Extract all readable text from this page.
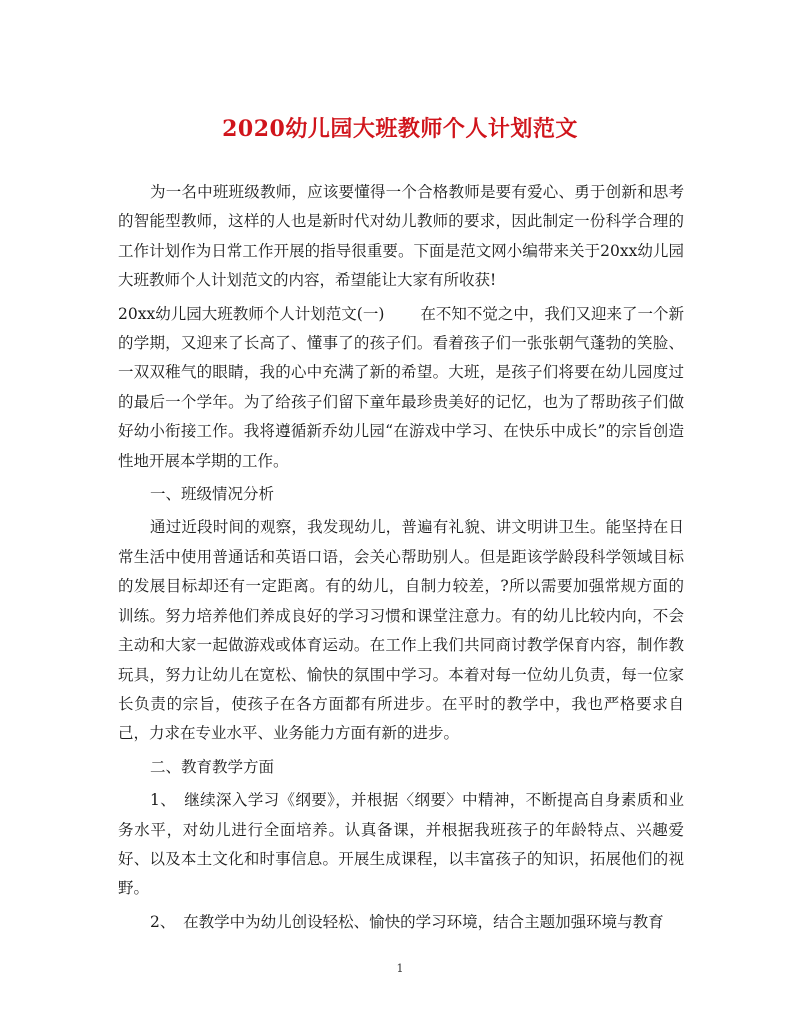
2020幼儿园大班教师个人计划范文

为一名中班班级教师，应该要懂得一个合格教师是要有爱心、勇于创新和思考的智能型教师，这样的人也是新时代对幼儿教师的要求，因此制定一份科学合理的工作计划作为日常工作开展的指导很重要。下面是范文网小编带来关于20xx幼儿园大班教师个人计划范文的内容，希望能让大家有所收获!

20xx幼儿园大班教师个人计划范文(一) 在不知不觉之中，我们又迎来了一个新的学期，又迎来了长高了、懂事了的孩子们。看着孩子们一张张朝气蓬勃的笑脸、一双双稚气的眼睛，我的心中充满了新的希望。大班，是孩子们将要在幼儿园度过的最后一个学年。为了给孩子们留下童年最珍贵美好的记忆，也为了帮助孩子们做好幼小衔接工作。我将遵循新乔幼儿园“在游戏中学习、在快乐中成长”的宗旨创造性地开展本学期的工作。

一、班级情况分析

通过近段时间的观察，我发现幼儿，普遍有礼貌、讲文明讲卫生。能坚持在日常生活中使用普通话和英语口语，会关心帮助别人。但是距该学龄段科学领域目标的发展目标却还有一定距离。有的幼儿，自制力较差，?所以需要加强常规方面的训练。努力培养他们养成良好的学习习惯和课堂注意力。有的幼儿比较内向，不会主动和大家一起做游戏或体育运动。在工作上我们共同商讨教学保育内容，制作教玩具，努力让幼儿在宽松、愉快的氛围中学习。本着对每一位幼儿负责，每一位家长负责的宗旨，使孩子在各方面都有所进步。在平时的教学中，我也严格要求自己，力求在专业水平、业务能力方面有新的进步。

二、教育教学方面

1、　继续深入学习《纲要》，并根据〈纲要〉中精神，不断提高自身素质和业务水平，对幼儿进行全面培养。认真备课，并根据我班孩子的年龄特点、兴趣爱好、以及本土文化和时事信息。开展生成课程，以丰富孩子的知识，拓展他们的视野。

2、　在教学中为幼儿创设轻松、愉快的学习环境，结合主题加强环境与教育

1
